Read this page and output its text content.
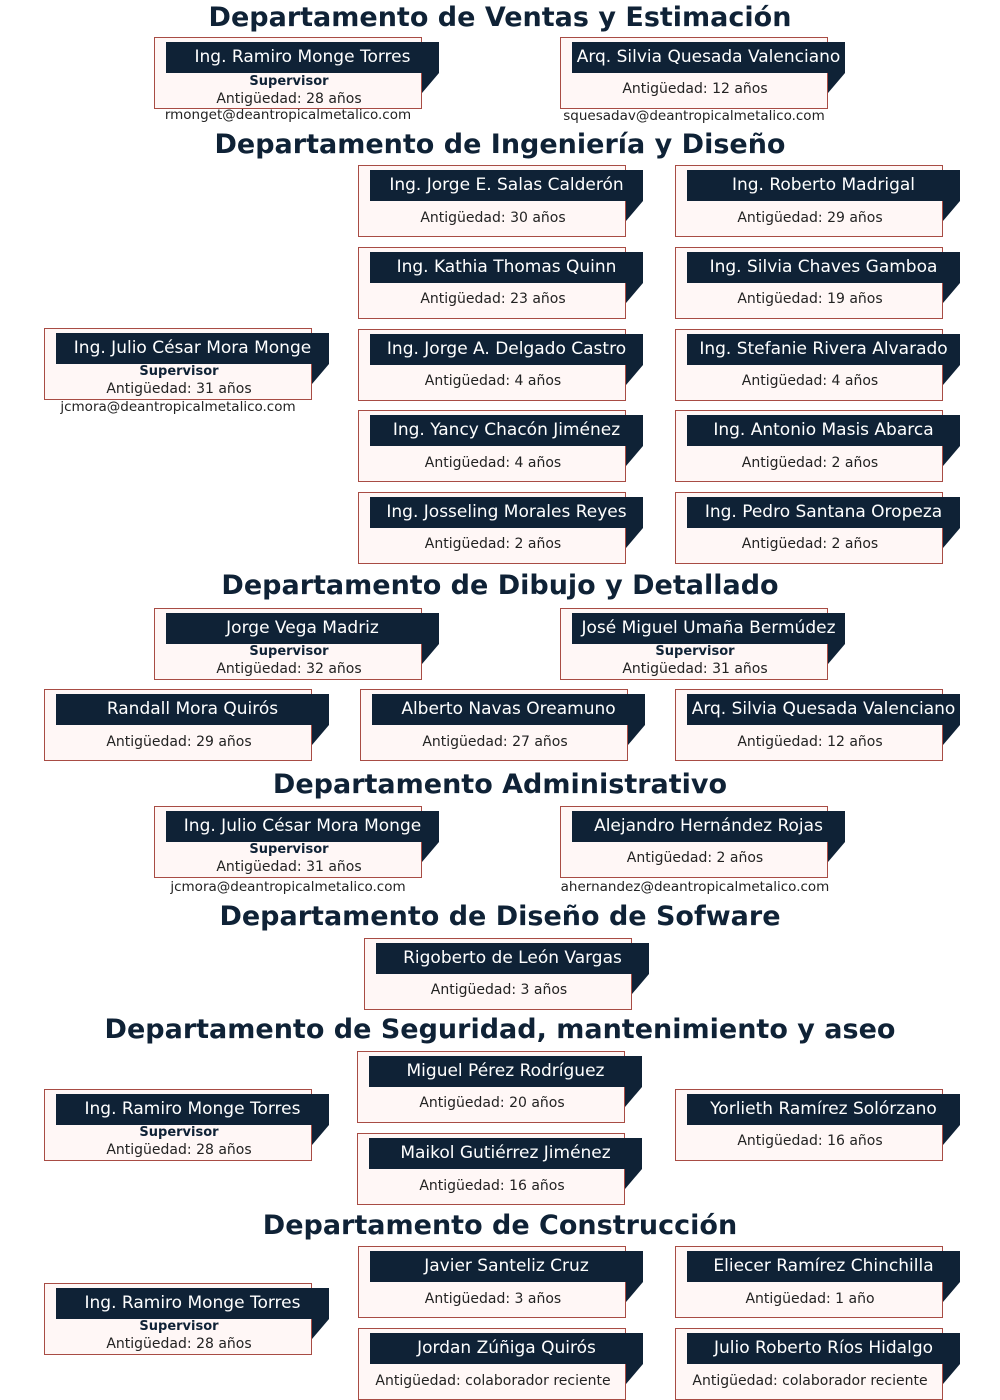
Departamento de Ventas y Estimación
Ing. Ramiro Monge Torres
Supervisor
Antigüedad: 28 años
rmonget@deantropicalmetalico.com
Arq. Silvia Quesada Valenciano
Antigüedad: 12 años
squesadav@deantropicalmetalico.com
Departamento de Ingeniería y Diseño
Ing. Julio César Mora Monge
Supervisor
Antigüedad: 31 años
jcmora@deantropicalmetalico.com
Ing. Jorge E. Salas Calderón
Antigüedad: 30 años
Ing. Roberto Madrigal
Antigüedad: 29 años
Ing. Kathia Thomas Quinn
Antigüedad: 23 años
Ing. Silvia Chaves Gamboa
Antigüedad: 19 años
Ing. Jorge A. Delgado Castro
Antigüedad: 4 años
Ing. Stefanie Rivera Alvarado
Antigüedad: 4 años
Ing. Yancy Chacón Jiménez
Antigüedad: 4 años
Ing. Antonio Masis Abarca
Antigüedad: 2 años
Ing. Josseling Morales Reyes
Antigüedad: 2 años
Ing. Pedro Santana Oropeza
Antigüedad: 2 años
Departamento de Dibujo y Detallado
Jorge Vega Madriz
Supervisor
Antigüedad: 32 años
José Miguel Umaña Bermúdez
Supervisor
Antigüedad: 31 años
Randall Mora Quirós
Antigüedad: 29 años
Alberto Navas Oreamuno
Antigüedad: 27 años
Arq. Silvia Quesada Valenciano
Antigüedad: 12 años
Departamento Administrativo
Ing. Julio César Mora Monge
Supervisor
Antigüedad: 31 años
jcmora@deantropicalmetalico.com
Alejandro Hernández Rojas
Antigüedad: 2 años
ahernandez@deantropicalmetalico.com
Departamento de Diseño de Sofware
Rigoberto de León Vargas
Antigüedad: 3 años
Departamento de Seguridad, mantenimiento y aseo
Ing. Ramiro Monge Torres
Supervisor
Antigüedad: 28 años
Miguel Pérez Rodríguez
Antigüedad: 20 años
Maikol Gutiérrez Jiménez
Antigüedad: 16 años
Yorlieth Ramírez Solórzano
Antigüedad: 16 años
Departamento de Construcción
Ing. Ramiro Monge Torres
Supervisor
Antigüedad: 28 años
Javier Santeliz Cruz
Antigüedad: 3 años
Eliecer Ramírez Chinchilla
Antigüedad: 1 año
Jordan Zúñiga Quirós
Antigüedad: colaborador reciente
Julio Roberto Ríos Hidalgo
Antigüedad: colaborador reciente
